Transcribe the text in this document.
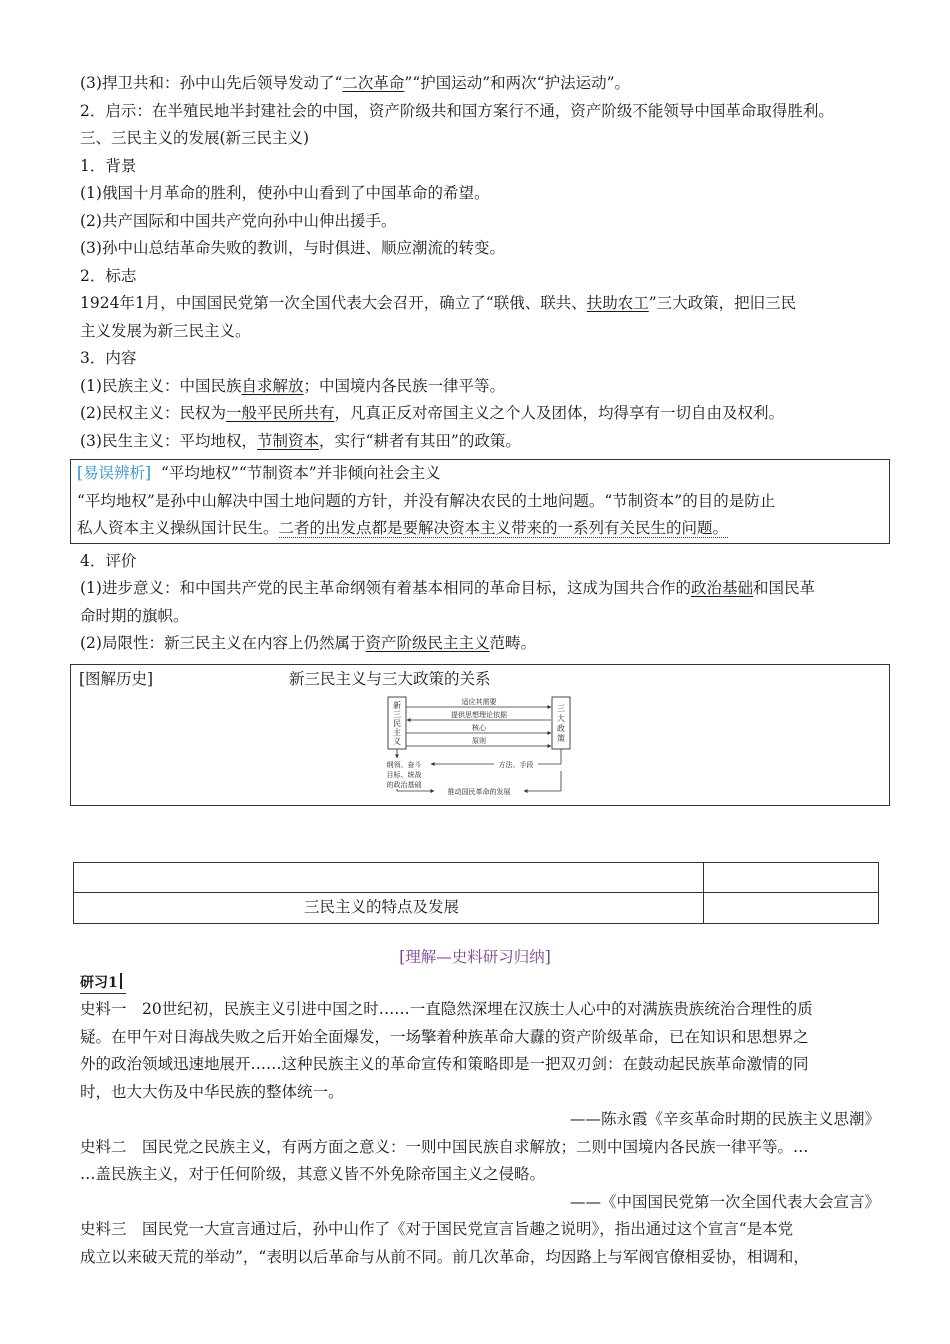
(3)捍卫共和：孙中山先后领导发动了“二次革命”“护国运动”和两次“护法运动”。
2．启示：在半殖民地半封建社会的中国，资产阶级共和国方案行不通，资产阶级不能领导中国革命取得胜利。
三、三民主义的发展(新三民主义)
1．背景
(1)俄国十月革命的胜利，使孙中山看到了中国革命的希望。
(2)共产国际和中国共产党向孙中山伸出援手。
(3)孙中山总结革命失败的教训，与时俱进、顺应潮流的转变。
2．标志
1924年1月，中国国民党第一次全国代表大会召开，确立了“联俄、联共、扶助农工”三大政策，把旧三民
主义发展为新三民主义。
3．内容
(1)民族主义：中国民族自求解放；中国境内各民族一律平等。
(2)民权主义：民权为一般平民所共有，凡真正反对帝国主义之个人及团体，均得享有一切自由及权利。
(3)民生主义：平均地权，节制资本，实行“耕者有其田”的政策。
[易误辨析] “平均地权”“节制资本”并非倾向社会主义
“平均地权”是孙中山解决中国土地问题的方针，并没有解决农民的土地问题。“节制资本”的目的是防止
私人资本主义操纵国计民生。二者的出发点都是要解决资本主义带来的一系列有关民生的问题。
4．评价
(1)进步意义：和中国共产党的民主革命纲领有着基本相同的革命目标，这成为国共合作的政治基础和国民革
命时期的旗帜。
(2)局限性：新三民主义在内容上仍然属于资产阶级民主主义范畴。
[图解历史]	新三民主义与三大政策的关系
新
三
民
主
义
三
大
政
策
适应其需要
提供思想理论依据
核心
原则
纲领、奋斗
目标、统战
的政治基础
方法、手段
推动国民革命的发展
三民主义的特点及发展
[理解—史料研习归纳]
研习1
史料一　20世纪初，民族主义引进中国之时……一直隐然深埋在汉族士人心中的对满族贵族统治合理性的质
疑。在甲午对日海战失败之后开始全面爆发，一场擎着种族革命大纛的资产阶级革命，已在知识和思想界之
外的政治领域迅速地展开……这种民族主义的革命宣传和策略即是一把双刃剑：在鼓动起民族革命激情的同
时，也大大伤及中华民族的整体统一。
——陈永霞《辛亥革命时期的民族主义思潮》
史料二　国民党之民族主义，有两方面之意义：一则中国民族自求解放；二则中国境内各民族一律平等。…
…盖民族主义，对于任何阶级，其意义皆不外免除帝国主义之侵略。
——《中国国民党第一次全国代表大会宣言》
史料三　国民党一大宣言通过后，孙中山作了《对于国民党宣言旨趣之说明》，指出通过这个宣言“是本党
成立以来破天荒的举动”，“表明以后革命与从前不同。前几次革命，均因路上与军阀官僚相妥协，相调和，
